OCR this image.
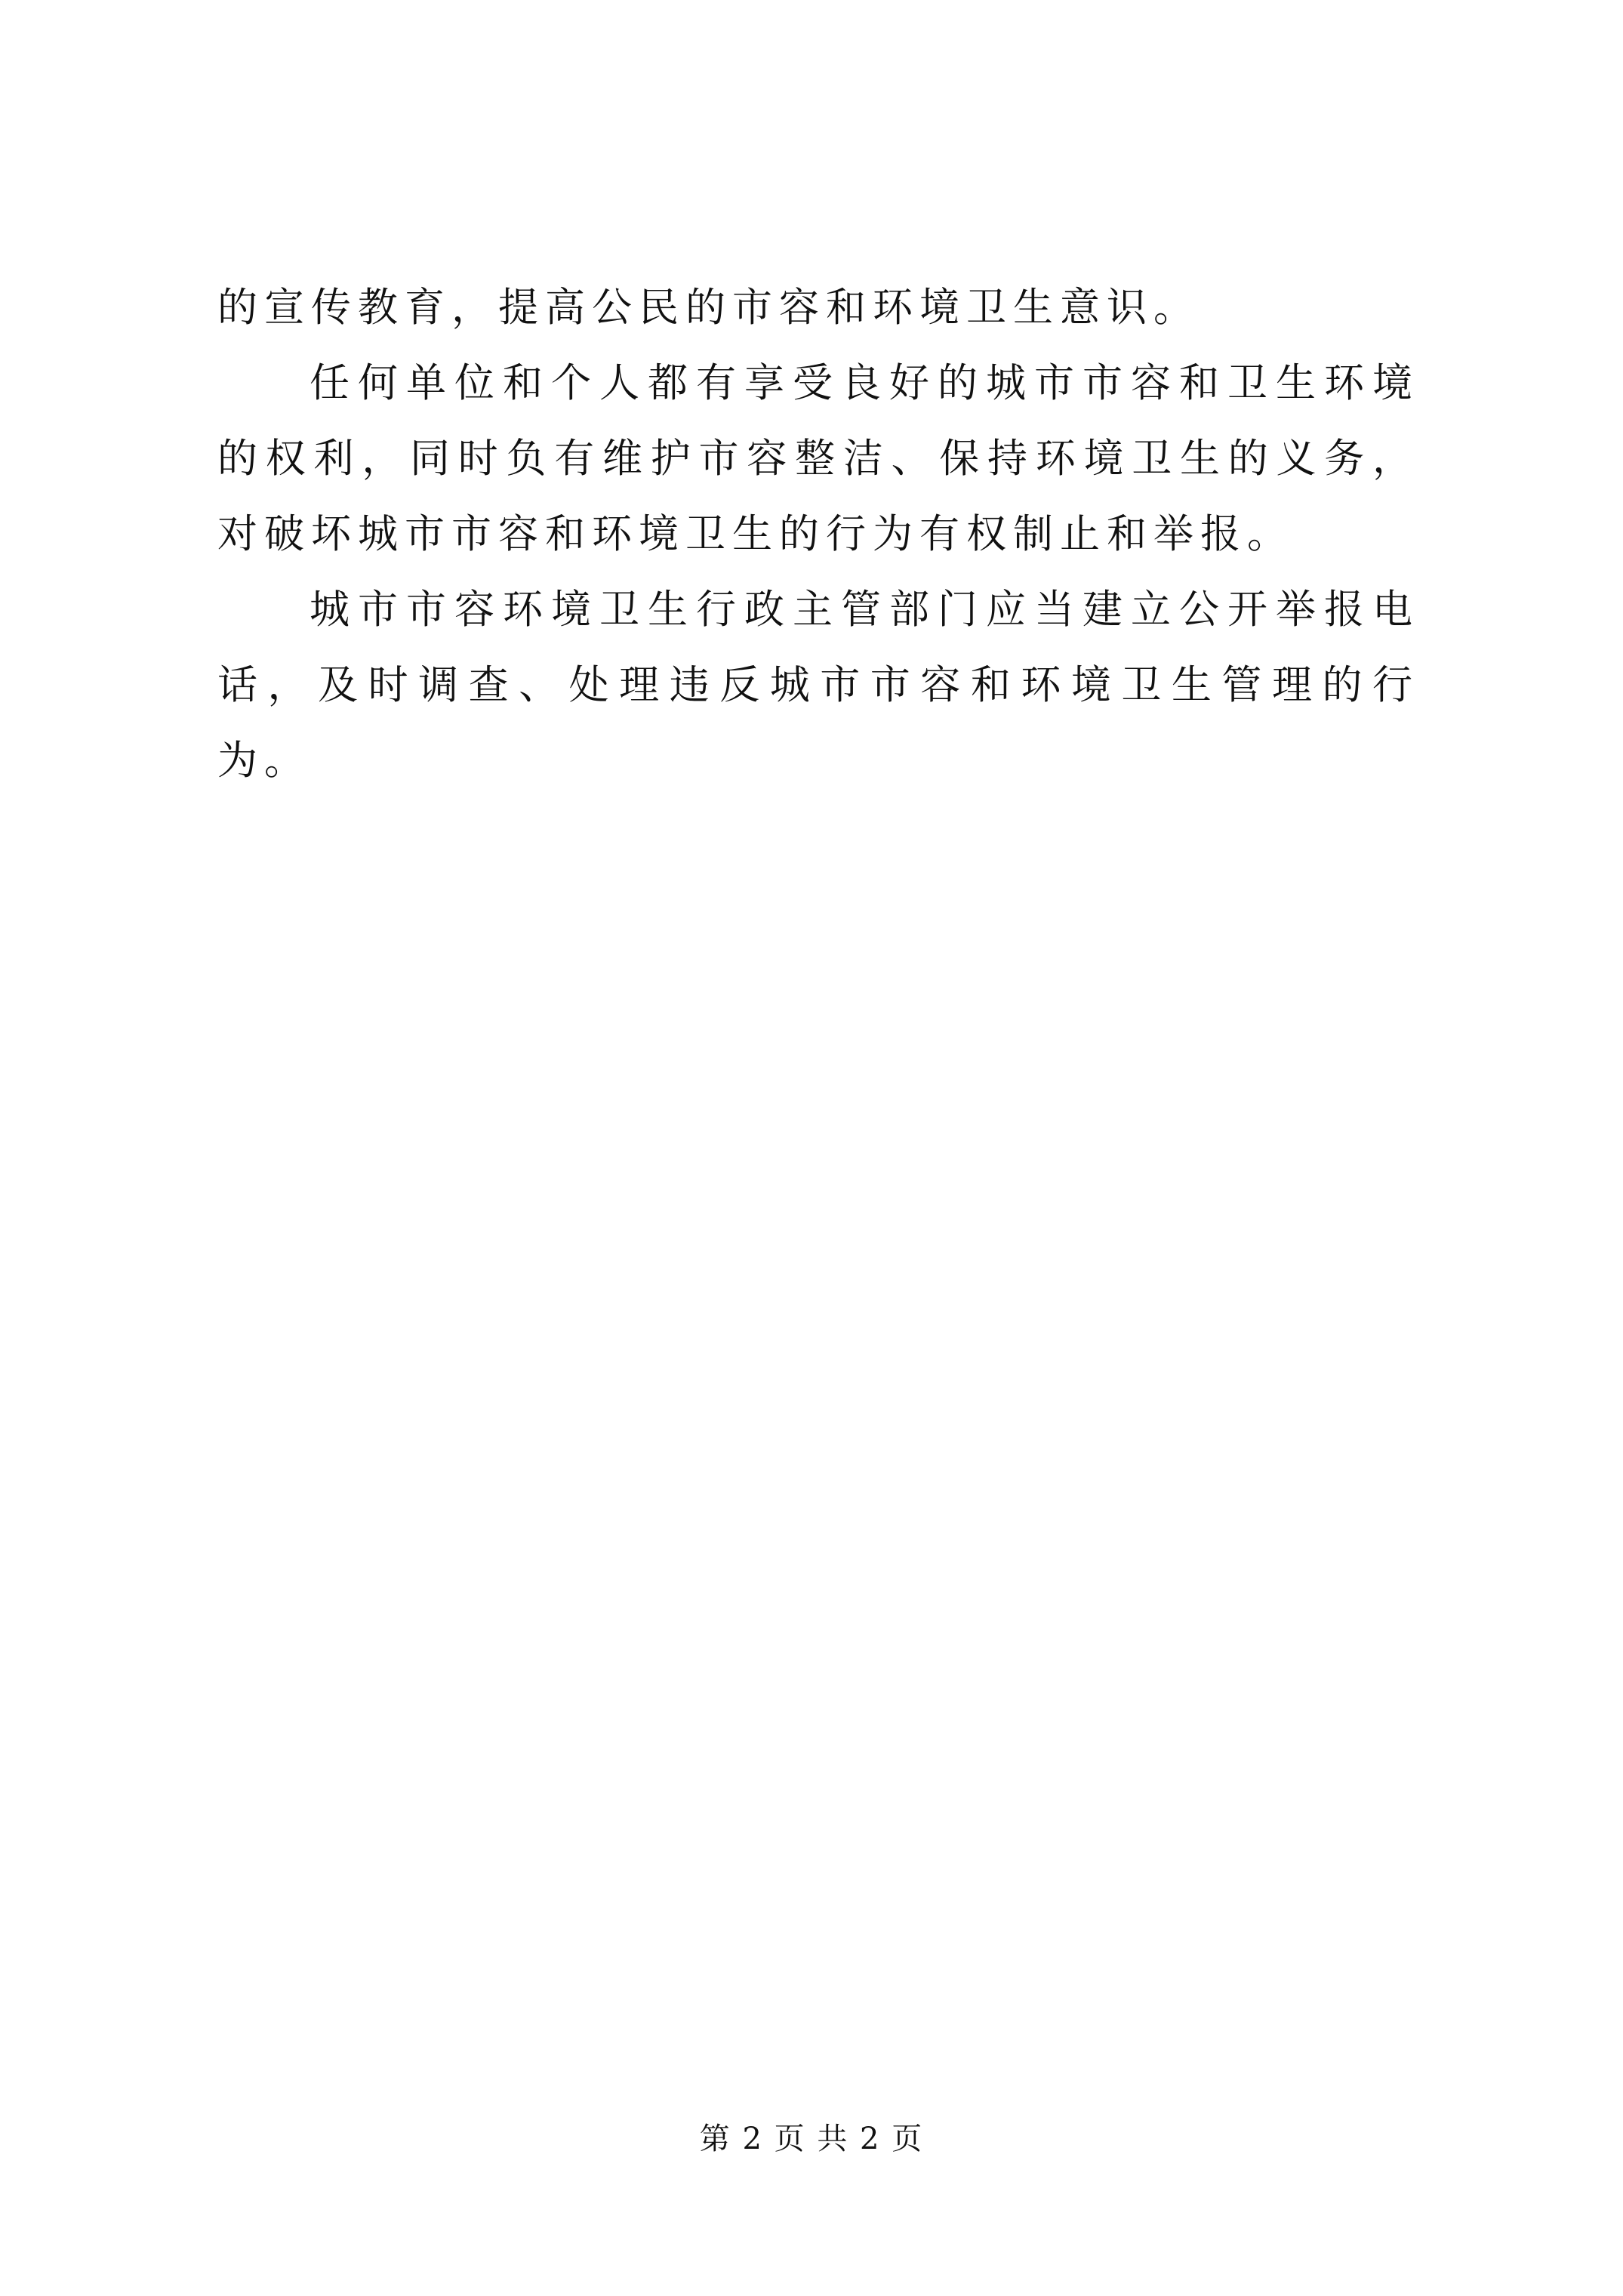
的宣传教育，提高公民的市容和环境卫生意识。

任何单位和个人都有享受良好的城市市容和卫生环境的权利，同时负有维护市容整洁、保持环境卫生的义务，对破坏城市市容和环境卫生的行为有权制止和举报。

城市市容环境卫生行政主管部门应当建立公开举报电话，及时调查、处理违反城市市容和环境卫生管理的行为。

第 2 页 共 2 页
